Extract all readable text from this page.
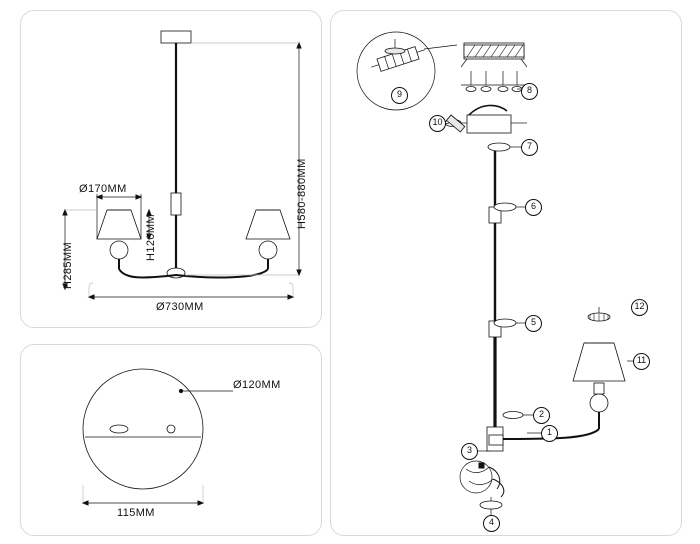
Ø170MM
H120MM
H580-880MM
H285MM
Ø730MM
Ø120MM
115MM
8
9
10
7
6
5
12
11
2
1
3
4
